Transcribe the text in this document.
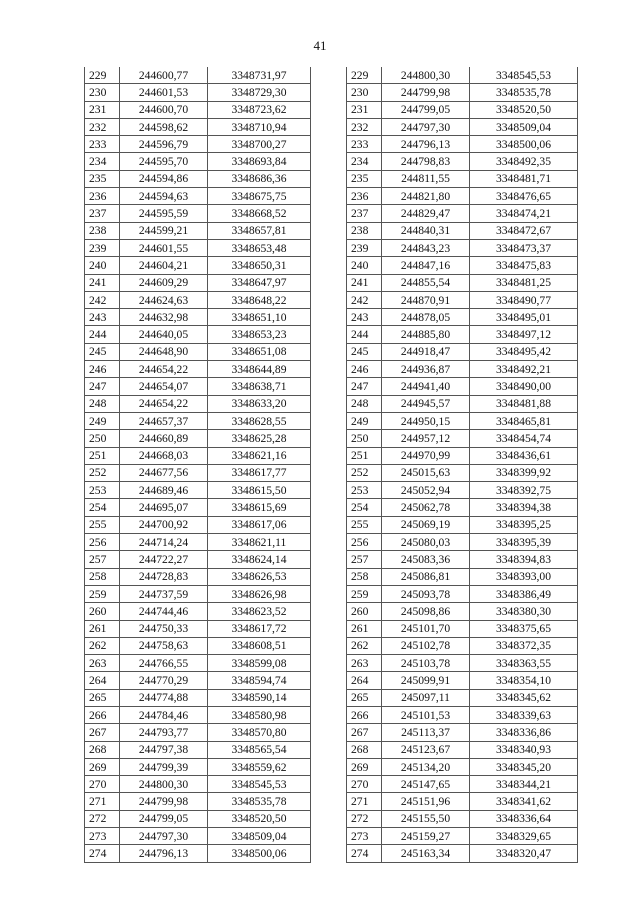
41
229	244600,77	3348731,97
230	244601,53	3348729,30
231	244600,70	3348723,62
232	244598,62	3348710,94
233	244596,79	3348700,27
234	244595,70	3348693,84
235	244594,86	3348686,36
236	244594,63	3348675,75
237	244595,59	3348668,52
238	244599,21	3348657,81
239	244601,55	3348653,48
240	244604,21	3348650,31
241	244609,29	3348647,97
242	244624,63	3348648,22
243	244632,98	3348651,10
244	244640,05	3348653,23
245	244648,90	3348651,08
246	244654,22	3348644,89
247	244654,07	3348638,71
248	244654,22	3348633,20
249	244657,37	3348628,55
250	244660,89	3348625,28
251	244668,03	3348621,16
252	244677,56	3348617,77
253	244689,46	3348615,50
254	244695,07	3348615,69
255	244700,92	3348617,06
256	244714,24	3348621,11
257	244722,27	3348624,14
258	244728,83	3348626,53
259	244737,59	3348626,98
260	244744,46	3348623,52
261	244750,33	3348617,72
262	244758,63	3348608,51
263	244766,55	3348599,08
264	244770,29	3348594,74
265	244774,88	3348590,14
266	244784,46	3348580,98
267	244793,77	3348570,80
268	244797,38	3348565,54
269	244799,39	3348559,62
270	244800,30	3348545,53
271	244799,98	3348535,78
272	244799,05	3348520,50
273	244797,30	3348509,04
274	244796,13	3348500,06
229	244800,30	3348545,53
230	244799,98	3348535,78
231	244799,05	3348520,50
232	244797,30	3348509,04
233	244796,13	3348500,06
234	244798,83	3348492,35
235	244811,55	3348481,71
236	244821,80	3348476,65
237	244829,47	3348474,21
238	244840,31	3348472,67
239	244843,23	3348473,37
240	244847,16	3348475,83
241	244855,54	3348481,25
242	244870,91	3348490,77
243	244878,05	3348495,01
244	244885,80	3348497,12
245	244918,47	3348495,42
246	244936,87	3348492,21
247	244941,40	3348490,00
248	244945,57	3348481,88
249	244950,15	3348465,81
250	244957,12	3348454,74
251	244970,99	3348436,61
252	245015,63	3348399,92
253	245052,94	3348392,75
254	245062,78	3348394,38
255	245069,19	3348395,25
256	245080,03	3348395,39
257	245083,36	3348394,83
258	245086,81	3348393,00
259	245093,78	3348386,49
260	245098,86	3348380,30
261	245101,70	3348375,65
262	245102,78	3348372,35
263	245103,78	3348363,55
264	245099,91	3348354,10
265	245097,11	3348345,62
266	245101,53	3348339,63
267	245113,37	3348336,86
268	245123,67	3348340,93
269	245134,20	3348345,20
270	245147,65	3348344,21
271	245151,96	3348341,62
272	245155,50	3348336,64
273	245159,27	3348329,65
274	245163,34	3348320,47
